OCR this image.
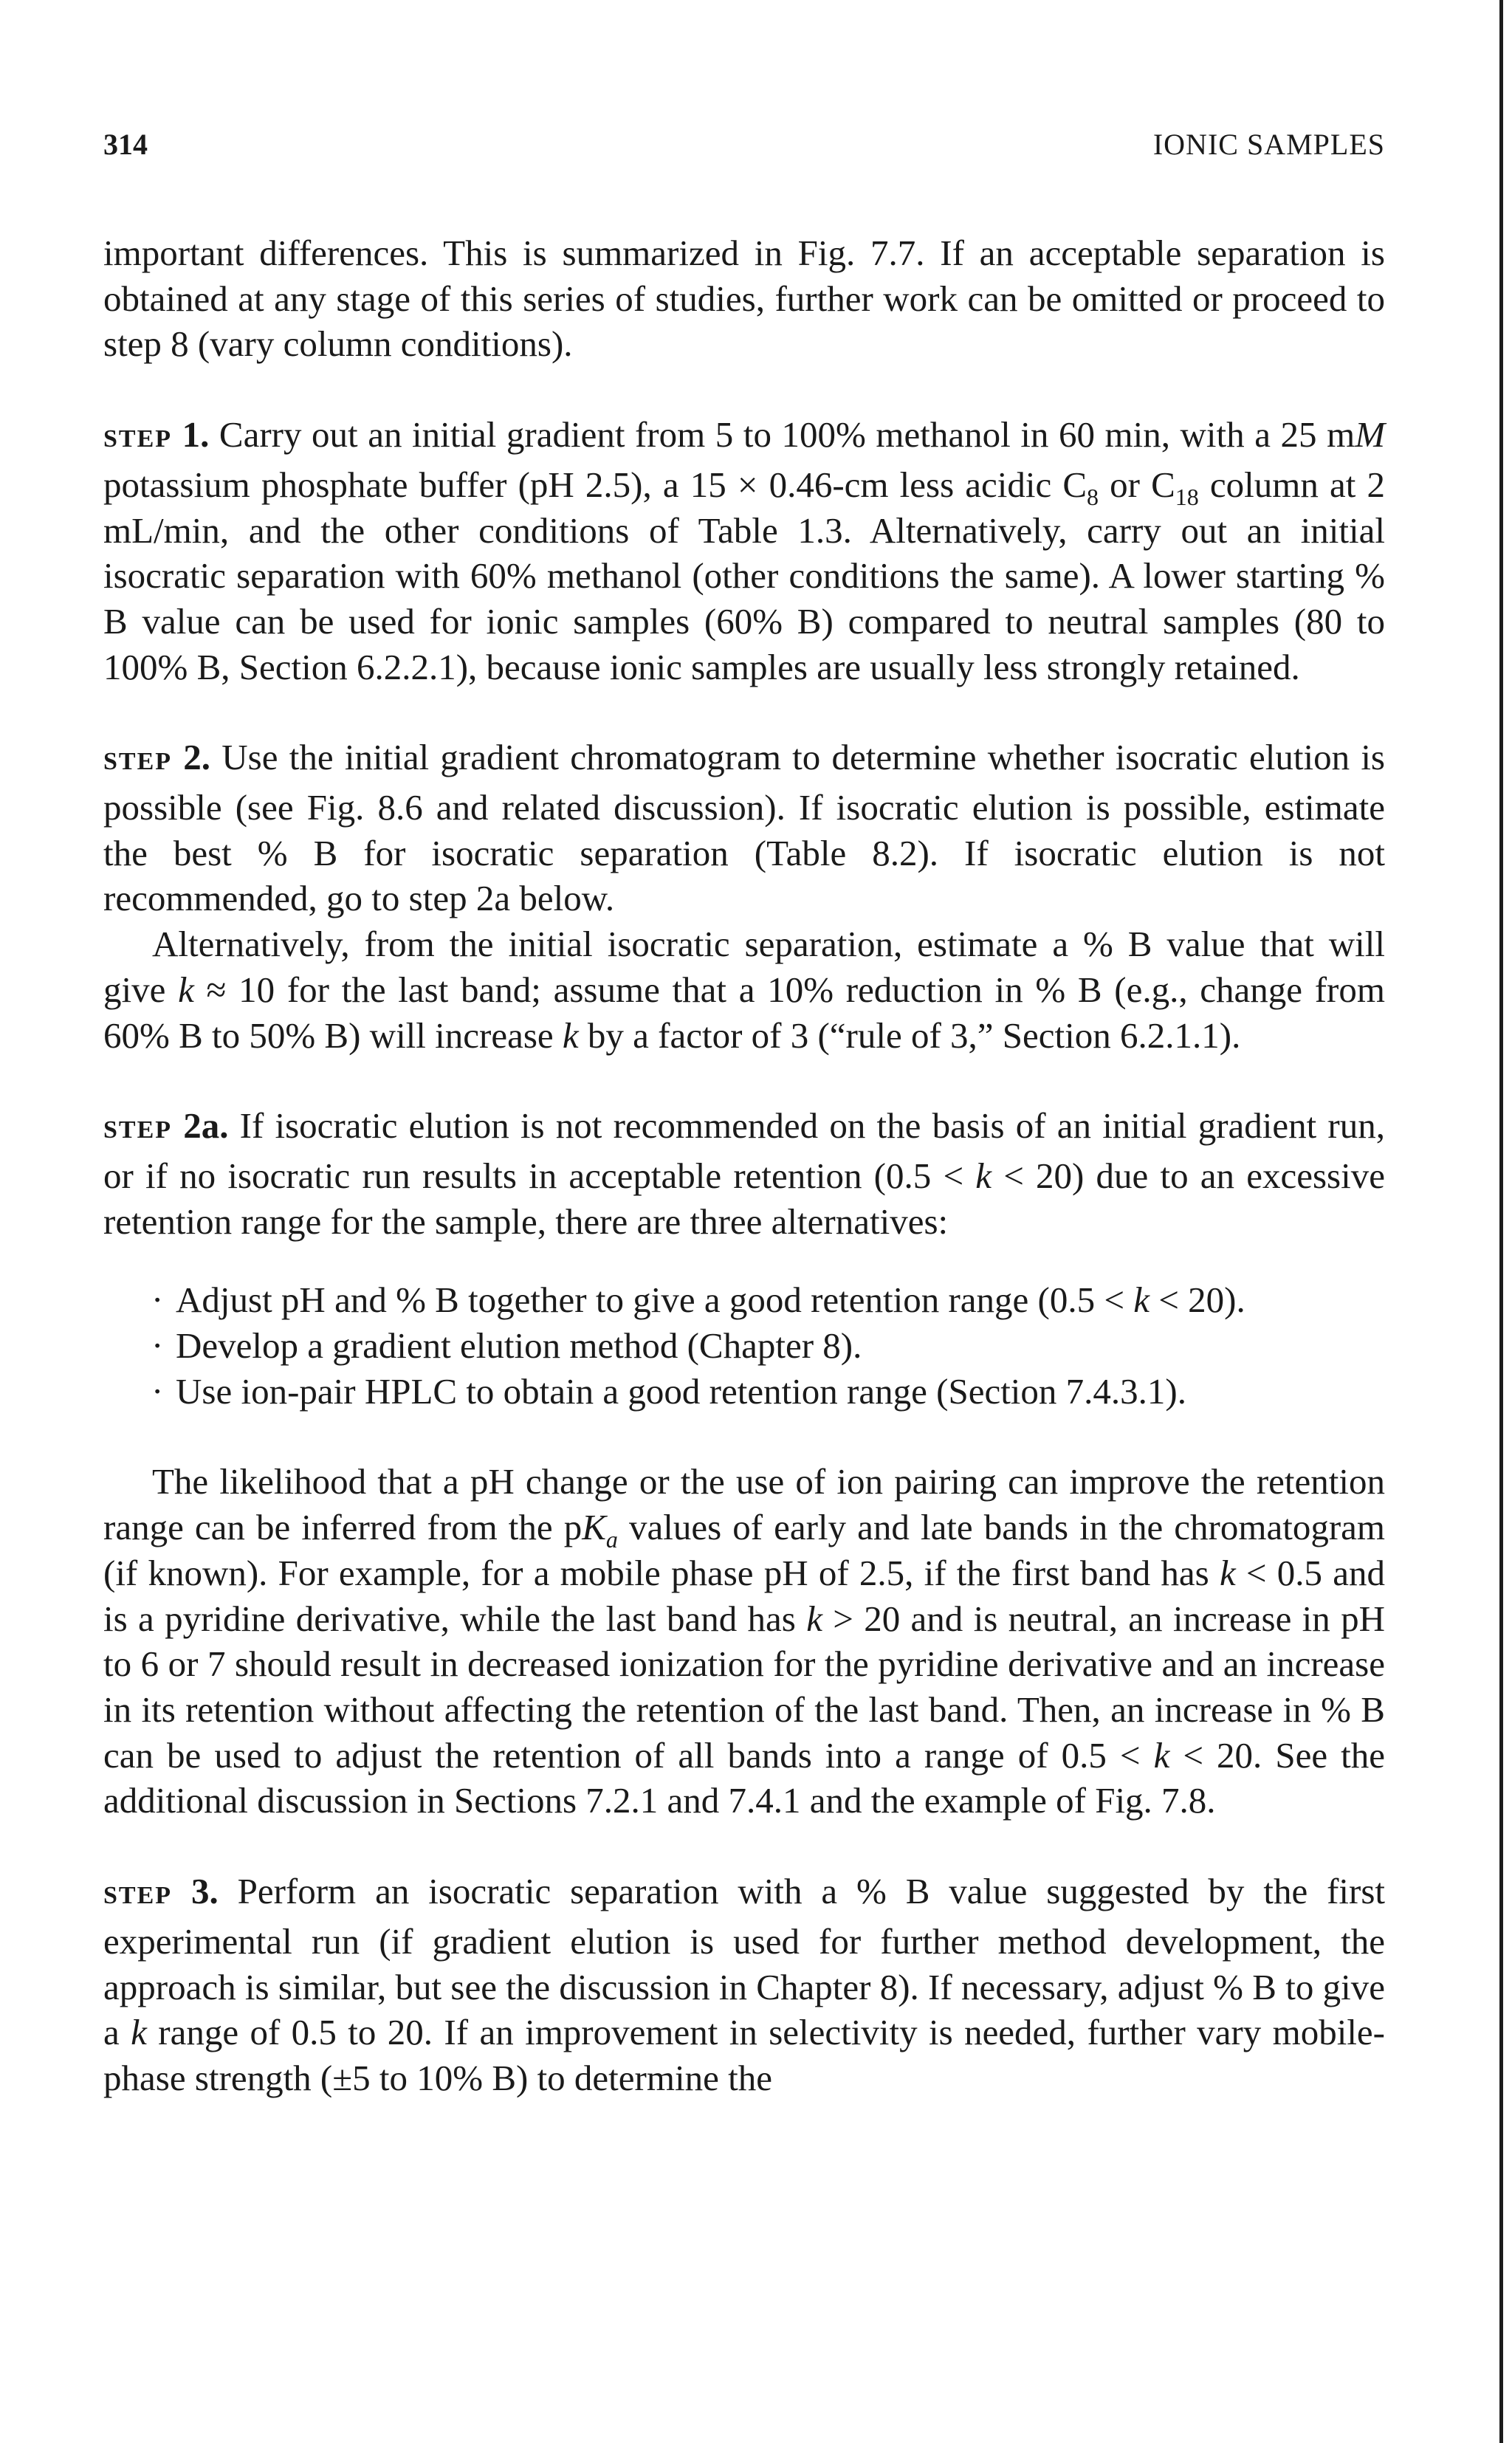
314	IONIC SAMPLES

important differences. This is summarized in Fig. 7.7. If an acceptable separation is obtained at any stage of this series of studies, further work can be omitted or proceed to step 8 (vary column conditions).

STEP 1. Carry out an initial gradient from 5 to 100% methanol in 60 min, with a 25 mM potassium phosphate buffer (pH 2.5), a 15 × 0.46-cm less acidic $C_8$ or $C_{18}$ column at 2 mL/min, and the other conditions of Table 1.3. Alternatively, carry out an initial isocratic separation with 60% methanol (other conditions the same). A lower starting % B value can be used for ionic samples (60% B) compared to neutral samples (80 to 100% B, Section 6.2.2.1), because ionic samples are usually less strongly retained.

STEP 2. Use the initial gradient chromatogram to determine whether isocratic elution is possible (see Fig. 8.6 and related discussion). If isocratic elution is possible, estimate the best % B for isocratic separation (Table 8.2). If isocratic elution is not recommended, go to step 2a below.

Alternatively, from the initial isocratic separation, estimate a % B value that will give k ≈ 10 for the last band; assume that a 10% reduction in % B (e.g., change from 60% B to 50% B) will increase k by a factor of 3 (“rule of 3,” Section 6.2.1.1).

STEP 2a. If isocratic elution is not recommended on the basis of an initial gradient run, or if no isocratic run results in acceptable retention (0.5 < k < 20) due to an excessive retention range for the sample, there are three alternatives:

· Adjust pH and % B together to give a good retention range (0.5 < k < 20).
· Develop a gradient elution method (Chapter 8).
· Use ion-pair HPLC to obtain a good retention range (Section 7.4.3.1).

The likelihood that a pH change or the use of ion pairing can improve the retention range can be inferred from the $pK_a$ values of early and late bands in the chromatogram (if known). For example, for a mobile phase pH of 2.5, if the first band has k < 0.5 and is a pyridine derivative, while the last band has k > 20 and is neutral, an increase in pH to 6 or 7 should result in decreased ionization for the pyridine derivative and an increase in its retention without affecting the retention of the last band. Then, an increase in % B can be used to adjust the retention of all bands into a range of 0.5 < k < 20. See the additional discussion in Sections 7.2.1 and 7.4.1 and the example of Fig. 7.8.

STEP 3. Perform an isocratic separation with a % B value suggested by the first experimental run (if gradient elution is used for further method development, the approach is similar, but see the discussion in Chapter 8). If necessary, adjust % B to give a k range of 0.5 to 20. If an improvement in selectivity is needed, further vary mobile-phase strength (±5 to 10% B) to determine the
